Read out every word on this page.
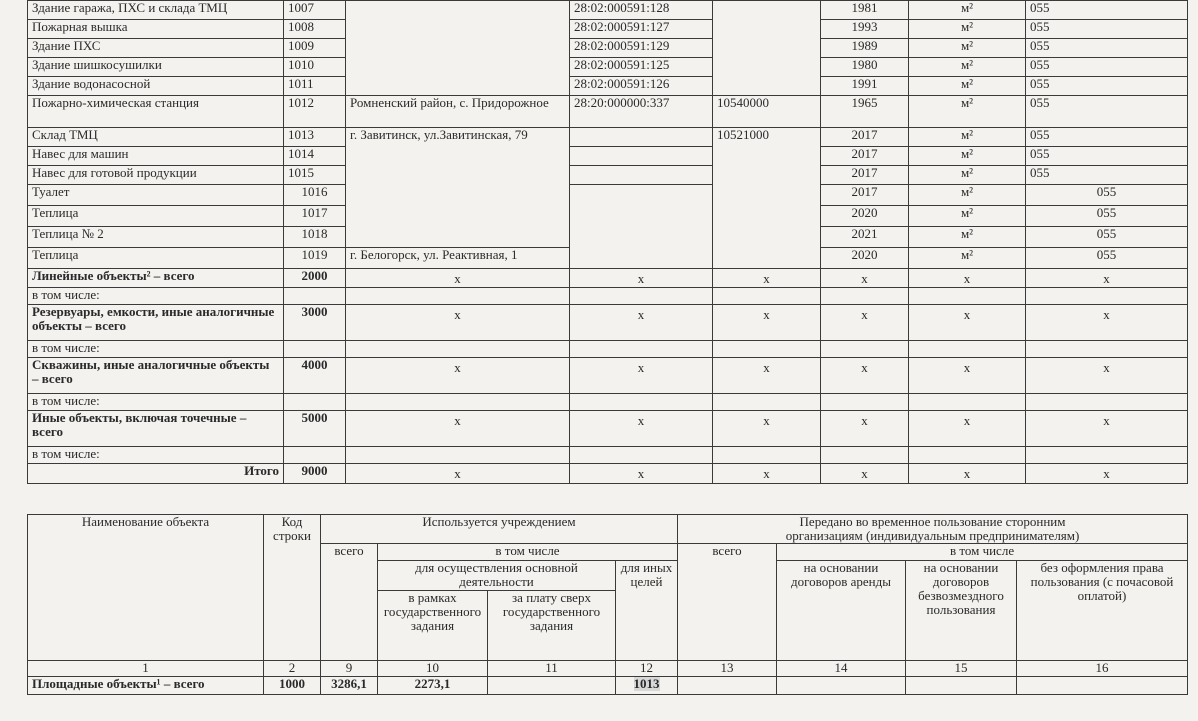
Здание гаража, ПХС и склада ТМЦ	1007		28:02:000591:128		1981	м²	055
Пожарная вышка	1008		28:02:000591:127		1993	м²	055
Здание ПХС	1009		28:02:000591:129		1989	м²	055
Здание шишкосушилки	1010		28:02:000591:125		1980	м²	055
Здание водонасосной	1011		28:02:000591:126		1991	м²	055
Пожарно-химическая станция	1012	Ромненский район, с. Придорожное	28:20:000000:337	10540000	1965	м²	055
Склад ТМЦ	1013	г. Завитинск, ул.Завитинская, 79		10521000	2017	м²	055
Навес для машин	1014				2017	м²	055
Навес для готовой продукции	1015				2017	м²	055
Туалет	1016				2017	м²	055
Теплица	1017				2020	м²	055
Теплица № 2	1018				2021	м²	055
Теплица	1019	г. Белогорск, ул. Реактивная, 1			2020	м²	055
Линейные объекты² – всего	2000	x	x	x	x	x	x
в том числе:							
Резервуары, емкости, иные аналогичные объекты – всего	3000	x	x	x	x	x	x
в том числе:							
Скважины, иные аналогичные объекты – всего	4000	x	x	x	x	x	x
в том числе:							
Иные объекты, включая точечные – всего	5000	x	x	x	x	x	x
в том числе:							
Итого	9000	x	x	x	x	x	x
Наименование объекта	Код строки	Используется учреждением				Передано во временное пользование сторонним организациям (индивидуальным предпринимателям)			
		всего	в том числе			всего	в том числе		
			для осуществления основной деятельности		для иных целей		на основании договоров аренды	на основании договоров безвозмездного пользования	без оформления права пользования (с почасовой оплатой)
			в рамках государственного задания	за плату сверх государственного задания					
1	2	9	10	11	12	13	14	15	16
Площадные объекты¹ – всего	1000	3286,1	2273,1		1013				
